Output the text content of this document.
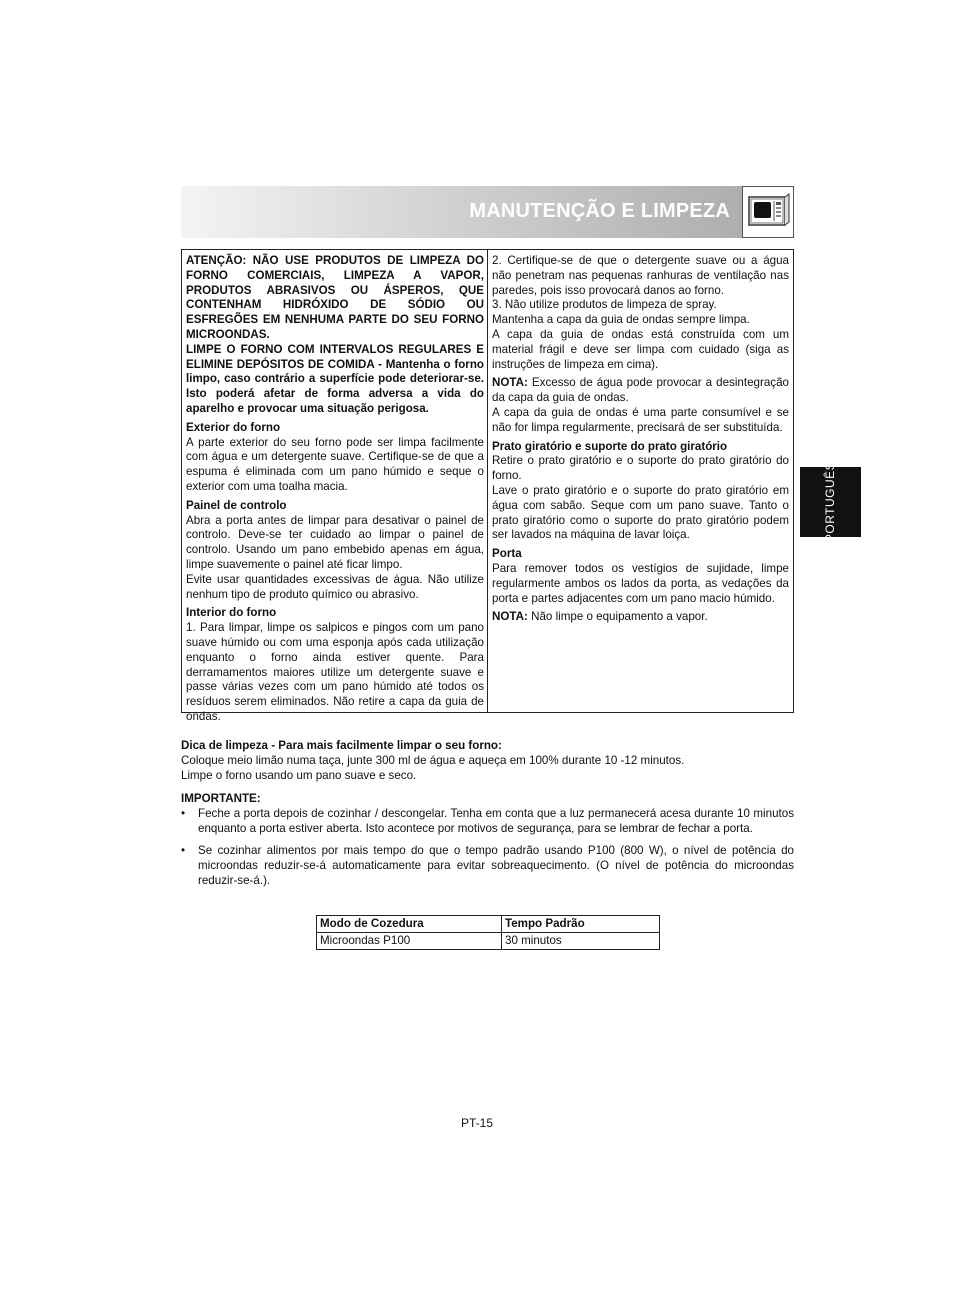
MANUTENÇÃO E LIMPEZA
PORTUGUÊS

ATENÇÃO: NÃO USE PRODUTOS DE LIMPEZA DO FORNO COMERCIAIS, LIMPEZA A VAPOR, PRODUTOS ABRASIVOS OU ÁSPEROS, QUE CONTENHAM HIDRÓXIDO DE SÓDIO OU ESFREGÕES EM NENHUMA PARTE DO SEU FORNO MICROONDAS.

LIMPE O FORNO COM INTERVALOS REGULARES E ELIMINE DEPÓSITOS DE COMIDA - Mantenha o forno limpo, caso contrário a superfície pode deteriorar-se. Isto poderá afetar de forma adversa a vida do aparelho e provocar uma situação perigosa.

Exterior do forno

A parte exterior do seu forno pode ser limpa facilmente com água e um detergente suave. Certifique-se de que a espuma é eliminada com um pano húmido e seque o exterior com uma toalha macia.

Painel de controlo

Abra a porta antes de limpar para desativar o painel de controlo. Deve-se ter cuidado ao limpar o painel de controlo. Usando um pano embebido apenas em água, limpe suavemente o painel até ficar limpo.

Evite usar quantidades excessivas de água. Não utilize nenhum tipo de produto químico ou abrasivo.

Interior do forno

1. Para limpar, limpe os salpicos e pingos com um pano suave húmido ou com uma esponja após cada utilização enquanto o forno ainda estiver quente. Para derramamentos maiores utilize um detergente suave e passe várias vezes com um pano húmido até todos os resíduos serem eliminados. Não retire a capa da guia de ondas.

2. Certifique-se de que o detergente suave ou a água não penetram nas pequenas ranhuras de ventilação nas paredes, pois isso provocará danos ao forno.

3. Não utilize produtos de limpeza de spray.

Mantenha a capa da guia de ondas sempre limpa.

A capa da guia de ondas está construída com um material frágil e deve ser limpa com cuidado (siga as instruções de limpeza em cima).

NOTA: Excesso de água pode provocar a desintegração da capa da guia de ondas.

A capa da guia de ondas é uma parte consumível e se não for limpa regularmente, precisará de ser substituída.

Prato giratório e suporte do prato giratório

Retire o prato giratório e o suporte do prato giratório do forno.

Lave o prato giratório e o suporte do prato giratório em água com sabão. Seque com um pano suave. Tanto o prato giratório como o suporte do prato giratório podem ser lavados na máquina de lavar loiça.

Porta

Para remover todos os vestígios de sujidade, limpe regularmente ambos os lados da porta, as vedações da porta e partes adjacentes com um pano macio húmido.

NOTA: Não limpe o equipamento a vapor.

Dica de limpeza - Para mais facilmente limpar o seu forno:

Coloque meio limão numa taça, junte 300 ml de água e aqueça em 100% durante 10 -12 minutos.

Limpe o forno usando um pano suave e seco.

IMPORTANTE:

• Feche a porta depois de cozinhar / descongelar. Tenha em conta que a luz permanecerá acesa durante 10 minutos enquanto a porta estiver aberta. Isto acontece por motivos de segurança, para se lembrar de fechar a porta.
• Se cozinhar alimentos por mais tempo do que o tempo padrão usando P100 (800 W), o nível de potência do microondas reduzir-se-á automaticamente para evitar sobreaquecimento. (O nível de potência do microondas reduzir-se-á.).
Modo de Cozedura	Tempo Padrão
Microondas P100	30 minutos
PT-15
